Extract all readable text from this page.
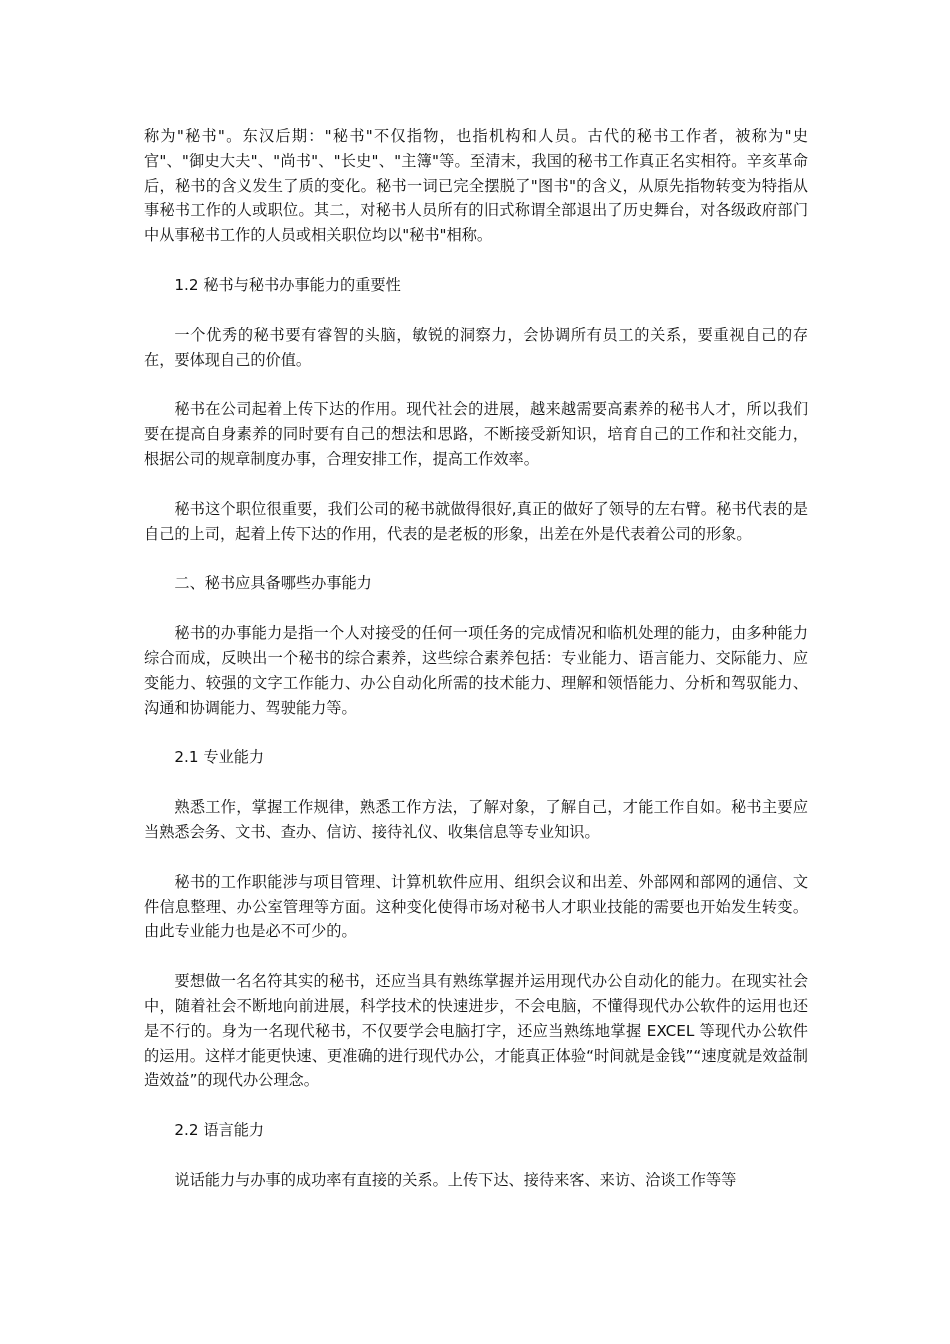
称为"秘书"。东汉后期："秘书"不仅指物，也指机构和人员。古代的秘书工作者，被称为"史官"、"御史大夫"、"尚书"、"长史"、"主簿"等。至清末，我国的秘书工作真正名实相符。辛亥革命后，秘书的含义发生了质的变化。秘书一词已完全摆脱了"图书"的含义，从原先指物转变为特指从事秘书工作的人或职位。其二，对秘书人员所有的旧式称谓全部退出了历史舞台，对各级政府部门中从事秘书工作的人员或相关职位均以"秘书"相称。

1.2 秘书与秘书办事能力的重要性

一个优秀的秘书要有睿智的头脑，敏锐的洞察力，会协调所有员工的关系，要重视自己的存在，要体现自己的价值。

秘书在公司起着上传下达的作用。现代社会的进展，越来越需要高素养的秘书人才，所以我们要在提高自身素养的同时要有自己的想法和思路，不断接受新知识，培育自己的工作和社交能力，根据公司的规章制度办事，合理安排工作，提高工作效率。

秘书这个职位很重要，我们公司的秘书就做得很好,真正的做好了领导的左右臂。秘书代表的是自己的上司，起着上传下达的作用，代表的是老板的形象，出差在外是代表着公司的形象。

二、秘书应具备哪些办事能力

秘书的办事能力是指一个人对接受的任何一项任务的完成情况和临机处理的能力，由多种能力综合而成，反映出一个秘书的综合素养，这些综合素养包括：专业能力、语言能力、交际能力、应变能力、较强的文字工作能力、办公自动化所需的技术能力、理解和领悟能力、分析和驾驭能力、沟通和协调能力、驾驶能力等。

2.1 专业能力

熟悉工作，掌握工作规律，熟悉工作方法，了解对象，了解自己，才能工作自如。秘书主要应当熟悉会务、文书、查办、信访、接待礼仪、收集信息等专业知识。

秘书的工作职能涉与项目管理、计算机软件应用、组织会议和出差、外部网和部网的通信、文件信息整理、办公室管理等方面。这种变化使得市场对秘书人才职业技能的需要也开始发生转变。由此专业能力也是必不可少的。

要想做一名名符其实的秘书，还应当具有熟练掌握并运用现代办公自动化的能力。在现实社会中，随着社会不断地向前进展，科学技术的快速进步，不会电脑，不懂得现代办公软件的运用也还是不行的。身为一名现代秘书，不仅要学会电脑打字，还应当熟练地掌握 EXCEL 等现代办公软件的运用。这样才能更快速、更准确的进行现代办公，才能真正体验“时间就是金钱”“速度就是效益制造效益”的现代办公理念。

2.2 语言能力

说话能力与办事的成功率有直接的关系。上传下达、接待来客、来访、洽谈工作等等
